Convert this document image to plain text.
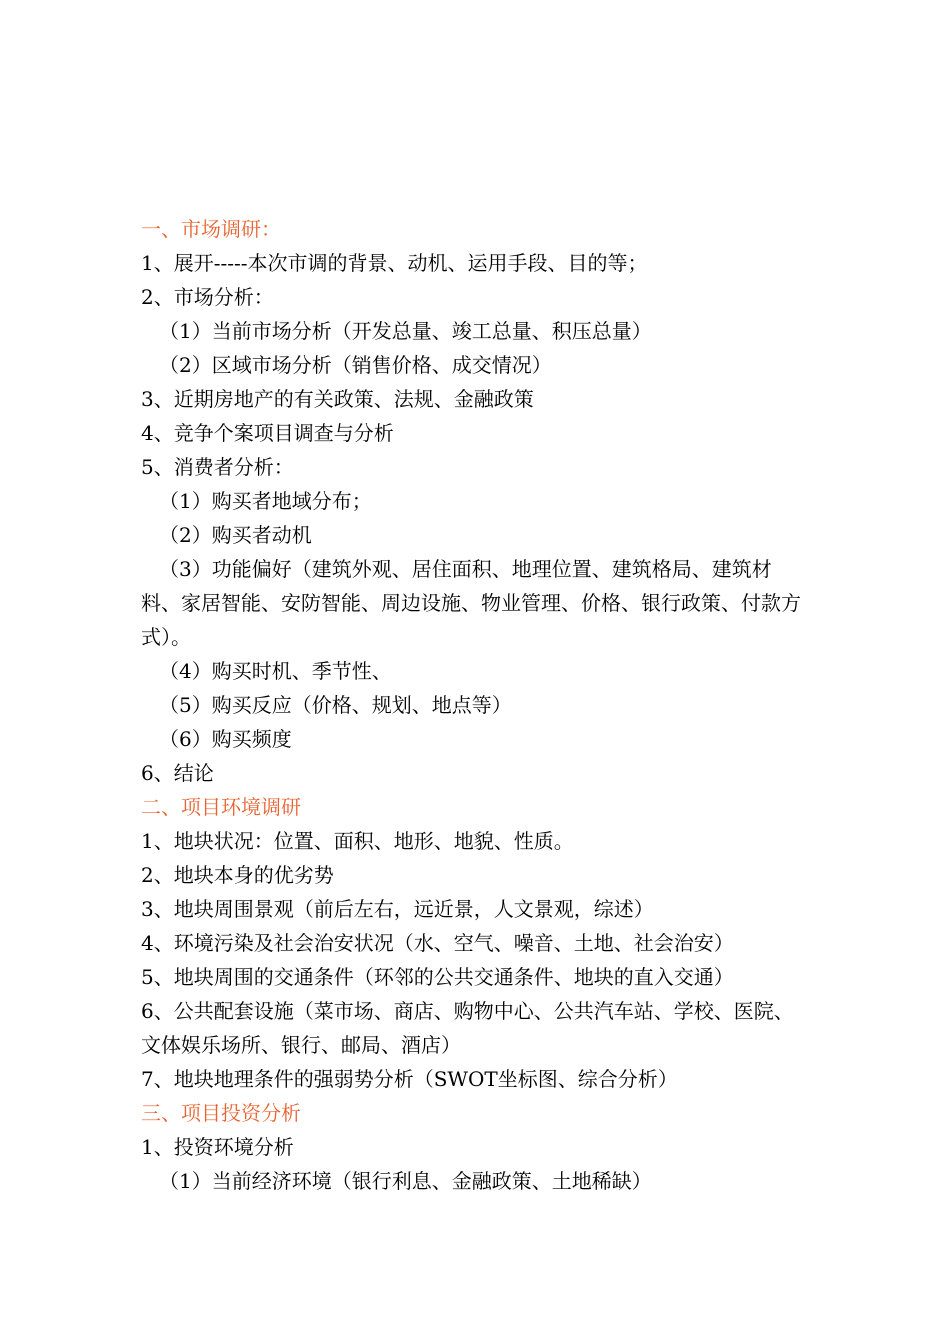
一、市场调研：
1、展开-----本次市调的背景、动机、运用手段、目的等；
2、市场分析：
（1）当前市场分析（开发总量、竣工总量、积压总量）
（2）区域市场分析（销售价格、成交情况）
3、近期房地产的有关政策、法规、金融政策
4、竞争个案项目调查与分析
5、消费者分析：
（1）购买者地域分布；
（2）购买者动机
（3）功能偏好（建筑外观、居住面积、地理位置、建筑格局、建筑材料、家居智能、安防智能、周边设施、物业管理、价格、银行政策、付款方式）。
（4）购买时机、季节性、
（5）购买反应（价格、规划、地点等）
（6）购买频度
6、结论
二、项目环境调研
1、地块状况：位置、面积、地形、地貌、性质。
2、地块本身的优劣势
3、地块周围景观（前后左右，远近景，人文景观，综述）
4、环境污染及社会治安状况（水、空气、噪音、土地、社会治安）
5、地块周围的交通条件（环邻的公共交通条件、地块的直入交通）
6、公共配套设施（菜市场、商店、购物中心、公共汽车站、学校、医院、文体娱乐场所、银行、邮局、酒店）
7、地块地理条件的强弱势分析（SWOT坐标图、综合分析）
三、项目投资分析
1、投资环境分析
（1）当前经济环境（银行利息、金融政策、土地稀缺）
